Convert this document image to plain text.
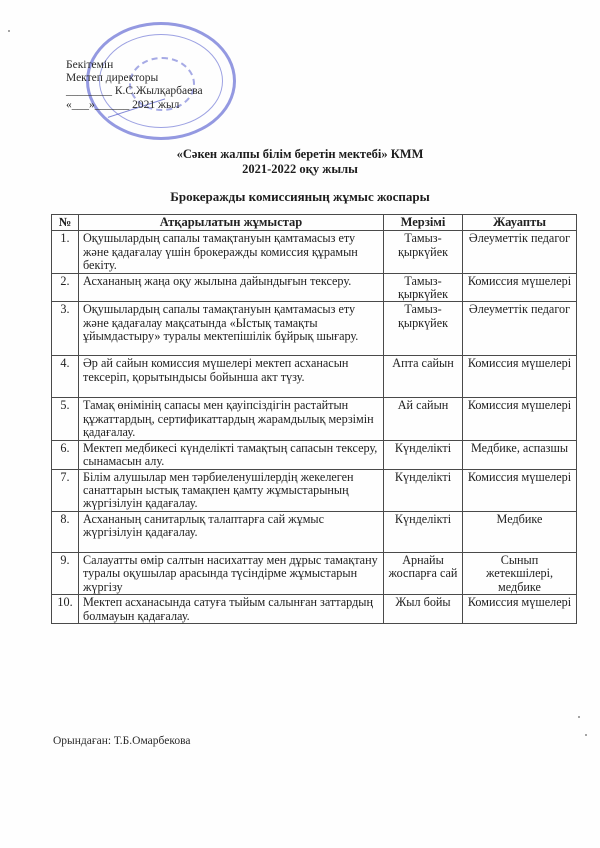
Бекітемін
Мектеп директоры
________ К.С.Жылқарбаева
«___»______ 2021 жыл
«Сәкен жалпы білім беретін мектебі» КММ
2021-2022 оқу жылы
Брокеражды комиссияның жұмыс жоспары
№	Атқарылатын жұмыстар	Мерзімі	Жауапты
1.	Оқушылардың сапалы тамақтануын қамтамасыз ету және қадағалау үшін брокеражды комиссия құрамын бекіту.	Тамыз-қыркүйек	Әлеуметтік педагог
2.	Асхананың жаңа оқу жылына дайындығын тексеру.	Тамыз-қыркүйек	Комиссия мүшелері
3.	Оқушылардың сапалы тамақтануын қамтамасыз ету және қадағалау мақсатында «Ыстық тамақты ұйымдастыру» туралы мектепішілік бұйрық шығару.	Тамыз-қыркүйек	Әлеуметтік педагог
4.	Әр ай сайын комиссия мүшелері мектеп асханасын тексеріп, қорытындысы бойынша акт түзу.	Апта сайын	Комиссия мүшелері
5.	Тамақ өнімінің сапасы мен қауіпсіздігін растайтын құжаттардың, сертификаттардың жарамдылық мерзімін қадағалау.	Ай сайын	Комиссия мүшелері
6.	Мектеп медбикесі күнделікті тамақтың сапасын тексеру, сынамасын алу.	Күнделікті	Медбике, аспазшы
7.	Білім алушылар мен тәрбиеленушілердің жекелеген санаттарын ыстық тамақпен қамту жұмыстарының жүргізілуін қадағалау.	Күнделікті	Комиссия мүшелері
8.	Асхананың санитарлық талаптарға сай жұмыс жүргізілуін қадағалау.	Күнделікті	Медбике
9.	Салауатты өмір салтын насихаттау мен дұрыс тамақтану туралы оқушылар арасында түсіндірме жұмыстарын жүргізу	Арнайы жоспарға сай	Сынып жетекшілері, медбике
10.	Мектеп асханасында сатуға тыйым салынған заттардың болмауын қадағалау.	Жыл бойы	Комиссия мүшелері
Орындаған: Т.Б.Омарбекова
